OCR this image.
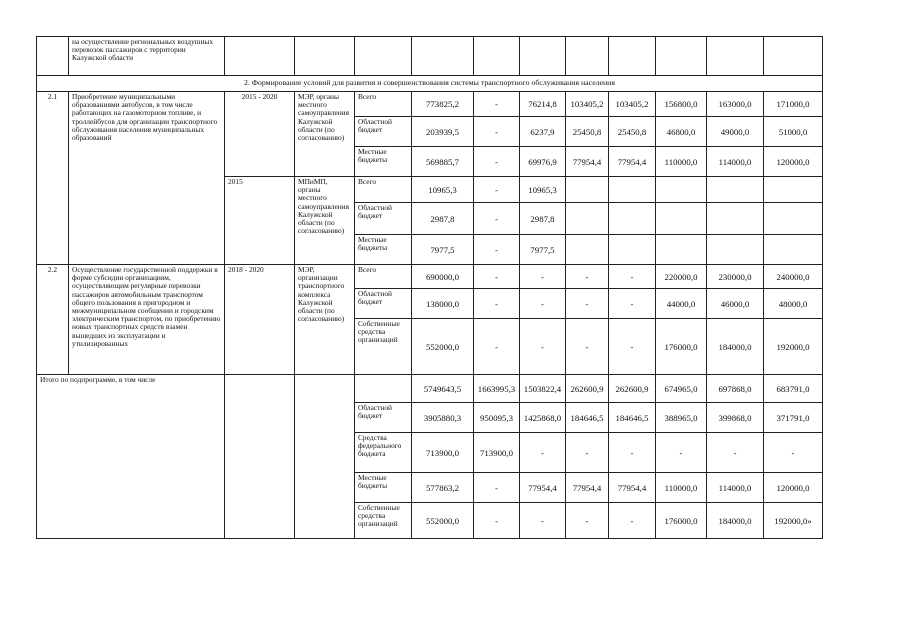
	на осуществление региональных воздушных перевозок пассажиров с территории Калужской области											
2. Формирование условий для развития и совершенствования системы транспортного обслуживания населения												
2.1	Приобретение муниципальными образованиями автобусов, в том числе работающих на газомоторном топливе, и троллейбусов для организации транспортного обслуживания населения муниципальных образований	2015 - 2020	МЭР, органы местного самоуправления Калужской области (по согласованию)	Всего	773825,2	-	76214,8	103405,2	103405,2	156800,0	163000,0	171000,0
				Областной бюджет	203939,5	-	6237,9	25450,8	25450,8	46800,0	49000,0	51000,0
				Местные бюджеты	569885,7	-	69976,9	77954,4	77954,4	110000,0	114000,0	120000,0
		2015	МПиМП, органы местного самоуправления Калужской области (по согласованию)	Всего	10965,3	-	10965,3					
				Областной бюджет	2987,8	-	2987,8					
				Местные бюджеты	7977,5	-	7977,5					
2.2	Осуществление государственной поддержки в форме субсидии организациям, осуществляющим регулярные перевозки пассажиров автомобильным транспортом общего пользования в пригородном и межмуниципальном сообщении и городским электрическим транспортом, по приобретению новых транспортных средств взамен вышедших из эксплуатации и утилизированных	2018 - 2020	МЭР, организации транспортного комплекса Калужской области (по согласованию)	Всего	690000,0	-	-	-	-	220000,0	230000,0	240000,0
				Областной бюджет	138000,0	-	-	-	-	44000,0	46000,0	48000,0
				Собственные средства организаций	552000,0	-	-	-	-	176000,0	184000,0	192000,0
Итого по подпрограмме, в том числе					5749643,5	1663995,3	1503822,4	262600,9	262600,9	674965,0	697868,0	683791,0
				Областной бюджет	3905880,3	950095,3	1425868,0	184646,5	184646,5	388965,0	399868,0	371791,0
				Средства федерального бюджета	713900,0	713900,0	-	-	-	-	-	-
				Местные бюджеты	577863,2	-	77954,4	77954,4	77954,4	110000,0	114000,0	120000,0
				Собственные средства организаций	552000,0	-	-	-	-	176000,0	184000,0	192000,0»
